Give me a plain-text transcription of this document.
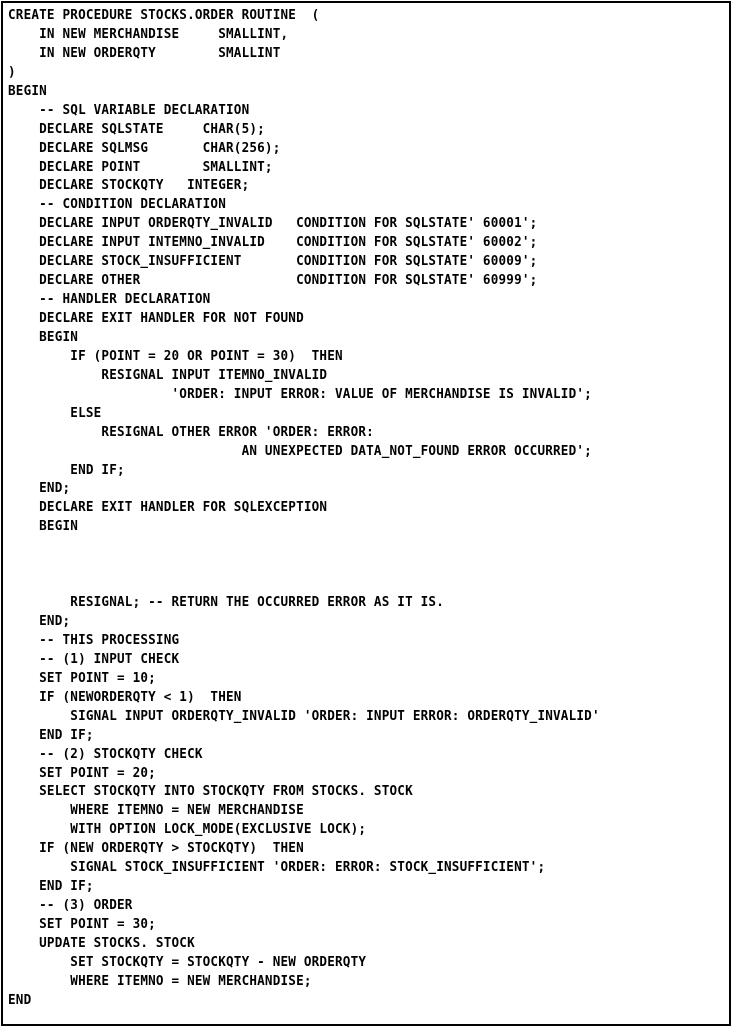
CREATE PROCEDURE STOCKS.ORDER ROUTINE  (
IN NEW MERCHANDISE     SMALLINT,
IN NEW ORDERQTY        SMALLINT
)
BEGIN
-- SQL VARIABLE DECLARATION
DECLARE SQLSTATE     CHAR(5);
DECLARE SQLMSG       CHAR(256);
DECLARE POINT        SMALLINT;
DECLARE STOCKQTY   INTEGER;
-- CONDITION DECLARATION
DECLARE INPUT ORDERQTY_INVALID   CONDITION FOR SQLSTATE' 60001';
DECLARE INPUT INTEMNO_INVALID    CONDITION FOR SQLSTATE' 60002';
DECLARE STOCK_INSUFFICIENT       CONDITION FOR SQLSTATE' 60009';
DECLARE OTHER                    CONDITION FOR SQLSTATE' 60999';
-- HANDLER DECLARATION
DECLARE EXIT HANDLER FOR NOT FOUND
BEGIN
IF (POINT = 20 OR POINT = 30)  THEN
RESIGNAL INPUT ITEMNO_INVALID
'ORDER: INPUT ERROR: VALUE OF MERCHANDISE IS INVALID';
ELSE
RESIGNAL OTHER ERROR 'ORDER: ERROR:
AN UNEXPECTED DATA_NOT_FOUND ERROR OCCURRED';
END IF;
END;
DECLARE EXIT HANDLER FOR SQLEXCEPTION
BEGIN
RESIGNAL; -- RETURN THE OCCURRED ERROR AS IT IS.
END;
-- THIS PROCESSING
-- (1) INPUT CHECK
SET POINT = 10;
IF (NEWORDERQTY < 1)  THEN
SIGNAL INPUT ORDERQTY_INVALID 'ORDER: INPUT ERROR: ORDERQTY_INVALID'
END IF;
-- (2) STOCKQTY CHECK
SET POINT = 20;
SELECT STOCKQTY INTO STOCKQTY FROM STOCKS. STOCK
WHERE ITEMNO = NEW MERCHANDISE
WITH OPTION LOCK_MODE(EXCLUSIVE LOCK);
IF (NEW ORDERQTY > STOCKQTY)  THEN
SIGNAL STOCK_INSUFFICIENT 'ORDER: ERROR: STOCK_INSUFFICIENT';
END IF;
-- (3) ORDER
SET POINT = 30;
UPDATE STOCKS. STOCK
SET STOCKQTY = STOCKQTY - NEW ORDERQTY
WHERE ITEMNO = NEW MERCHANDISE;
END
